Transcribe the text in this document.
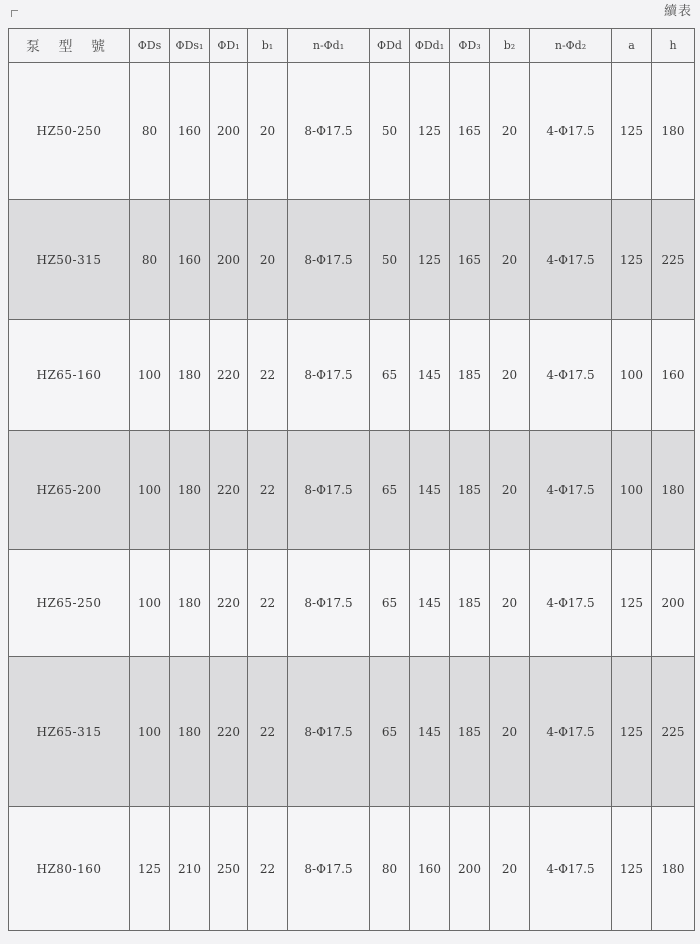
續表
泵 型 號	ΦDs	ΦDs₁	ΦD₁	b₁	n-Φd₁	ΦDd	ΦDd₁	ΦD₃	b₂	n-Φd₂	a	h
HZ50-250	80	160	200	20	8-Φ17.5	50	125	165	20	4-Φ17.5	125	180
HZ50-315	80	160	200	20	8-Φ17.5	50	125	165	20	4-Φ17.5	125	225
HZ65-160	100	180	220	22	8-Φ17.5	65	145	185	20	4-Φ17.5	100	160
HZ65-200	100	180	220	22	8-Φ17.5	65	145	185	20	4-Φ17.5	100	180
HZ65-250	100	180	220	22	8-Φ17.5	65	145	185	20	4-Φ17.5	125	200
HZ65-315	100	180	220	22	8-Φ17.5	65	145	185	20	4-Φ17.5	125	225
HZ80-160	125	210	250	22	8-Φ17.5	80	160	200	20	4-Φ17.5	125	180
